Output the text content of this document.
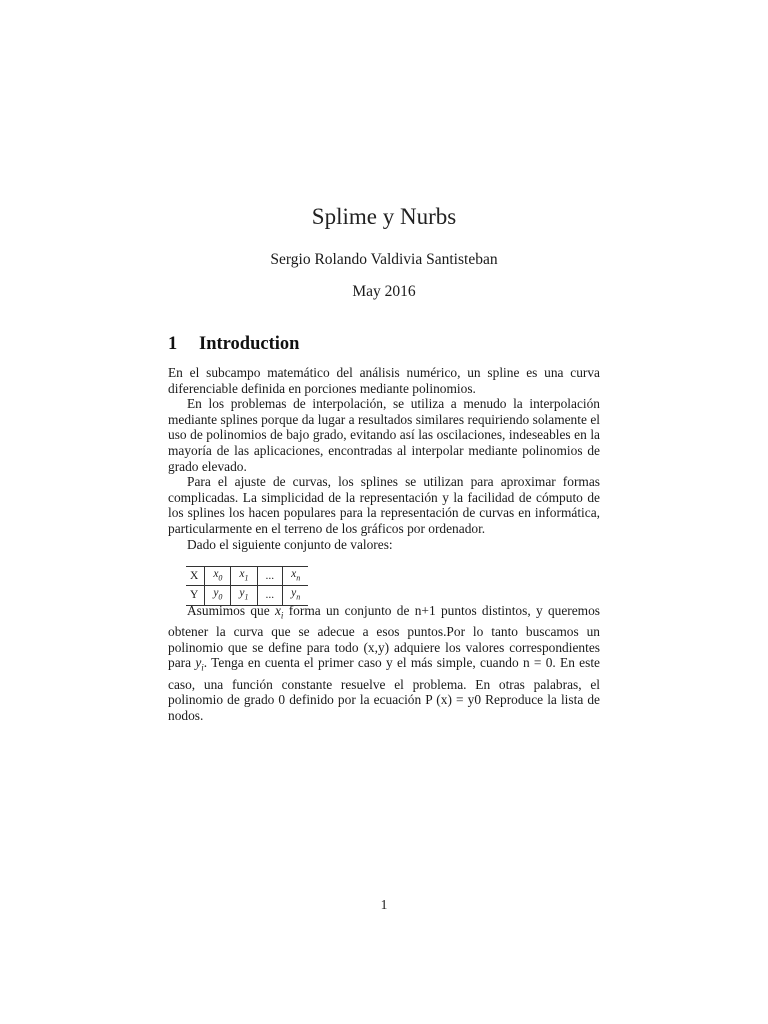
Splime y Nurbs
Sergio Rolando Valdivia Santisteban
May 2016
1 Introduction

En el subcampo matemático del análisis numérico, un spline es una curva diferenciable definida en porciones mediante polinomios.

En los problemas de interpolación, se utiliza a menudo la interpolación mediante splines porque da lugar a resultados similares requiriendo solamente el uso de polinomios de bajo grado, evitando así las oscilaciones, indeseables en la mayoría de las aplicaciones, encontradas al interpolar mediante polinomios de grado elevado.

Para el ajuste de curvas, los splines se utilizan para aproximar formas complicadas. La simplicidad de la representación y la facilidad de cómputo de los splines los hacen populares para la representación de curvas en informática, particularmente en el terreno de los gráficos por ordenador.

Dado el siguiente conjunto de valores:

X	$x_0$	$x_1$	...	$x_n$
Y	$y_0$	$y_1$	...	$y_n$

Asumimos que $x_i$ forma un conjunto de n+1 puntos distintos, y queremos obtener la curva que se adecue a esos puntos.Por lo tanto buscamos un polinomio que se define para todo (x,y) adquiere los valores correspondientes para $y_i$. Tenga en cuenta el primer caso y el más simple, cuando n = 0. En este caso, una función constante resuelve el problema. En otras palabras, el polinomio de grado 0 definido por la ecuación P (x) = y0 Reproduce la lista de nodos.

1
